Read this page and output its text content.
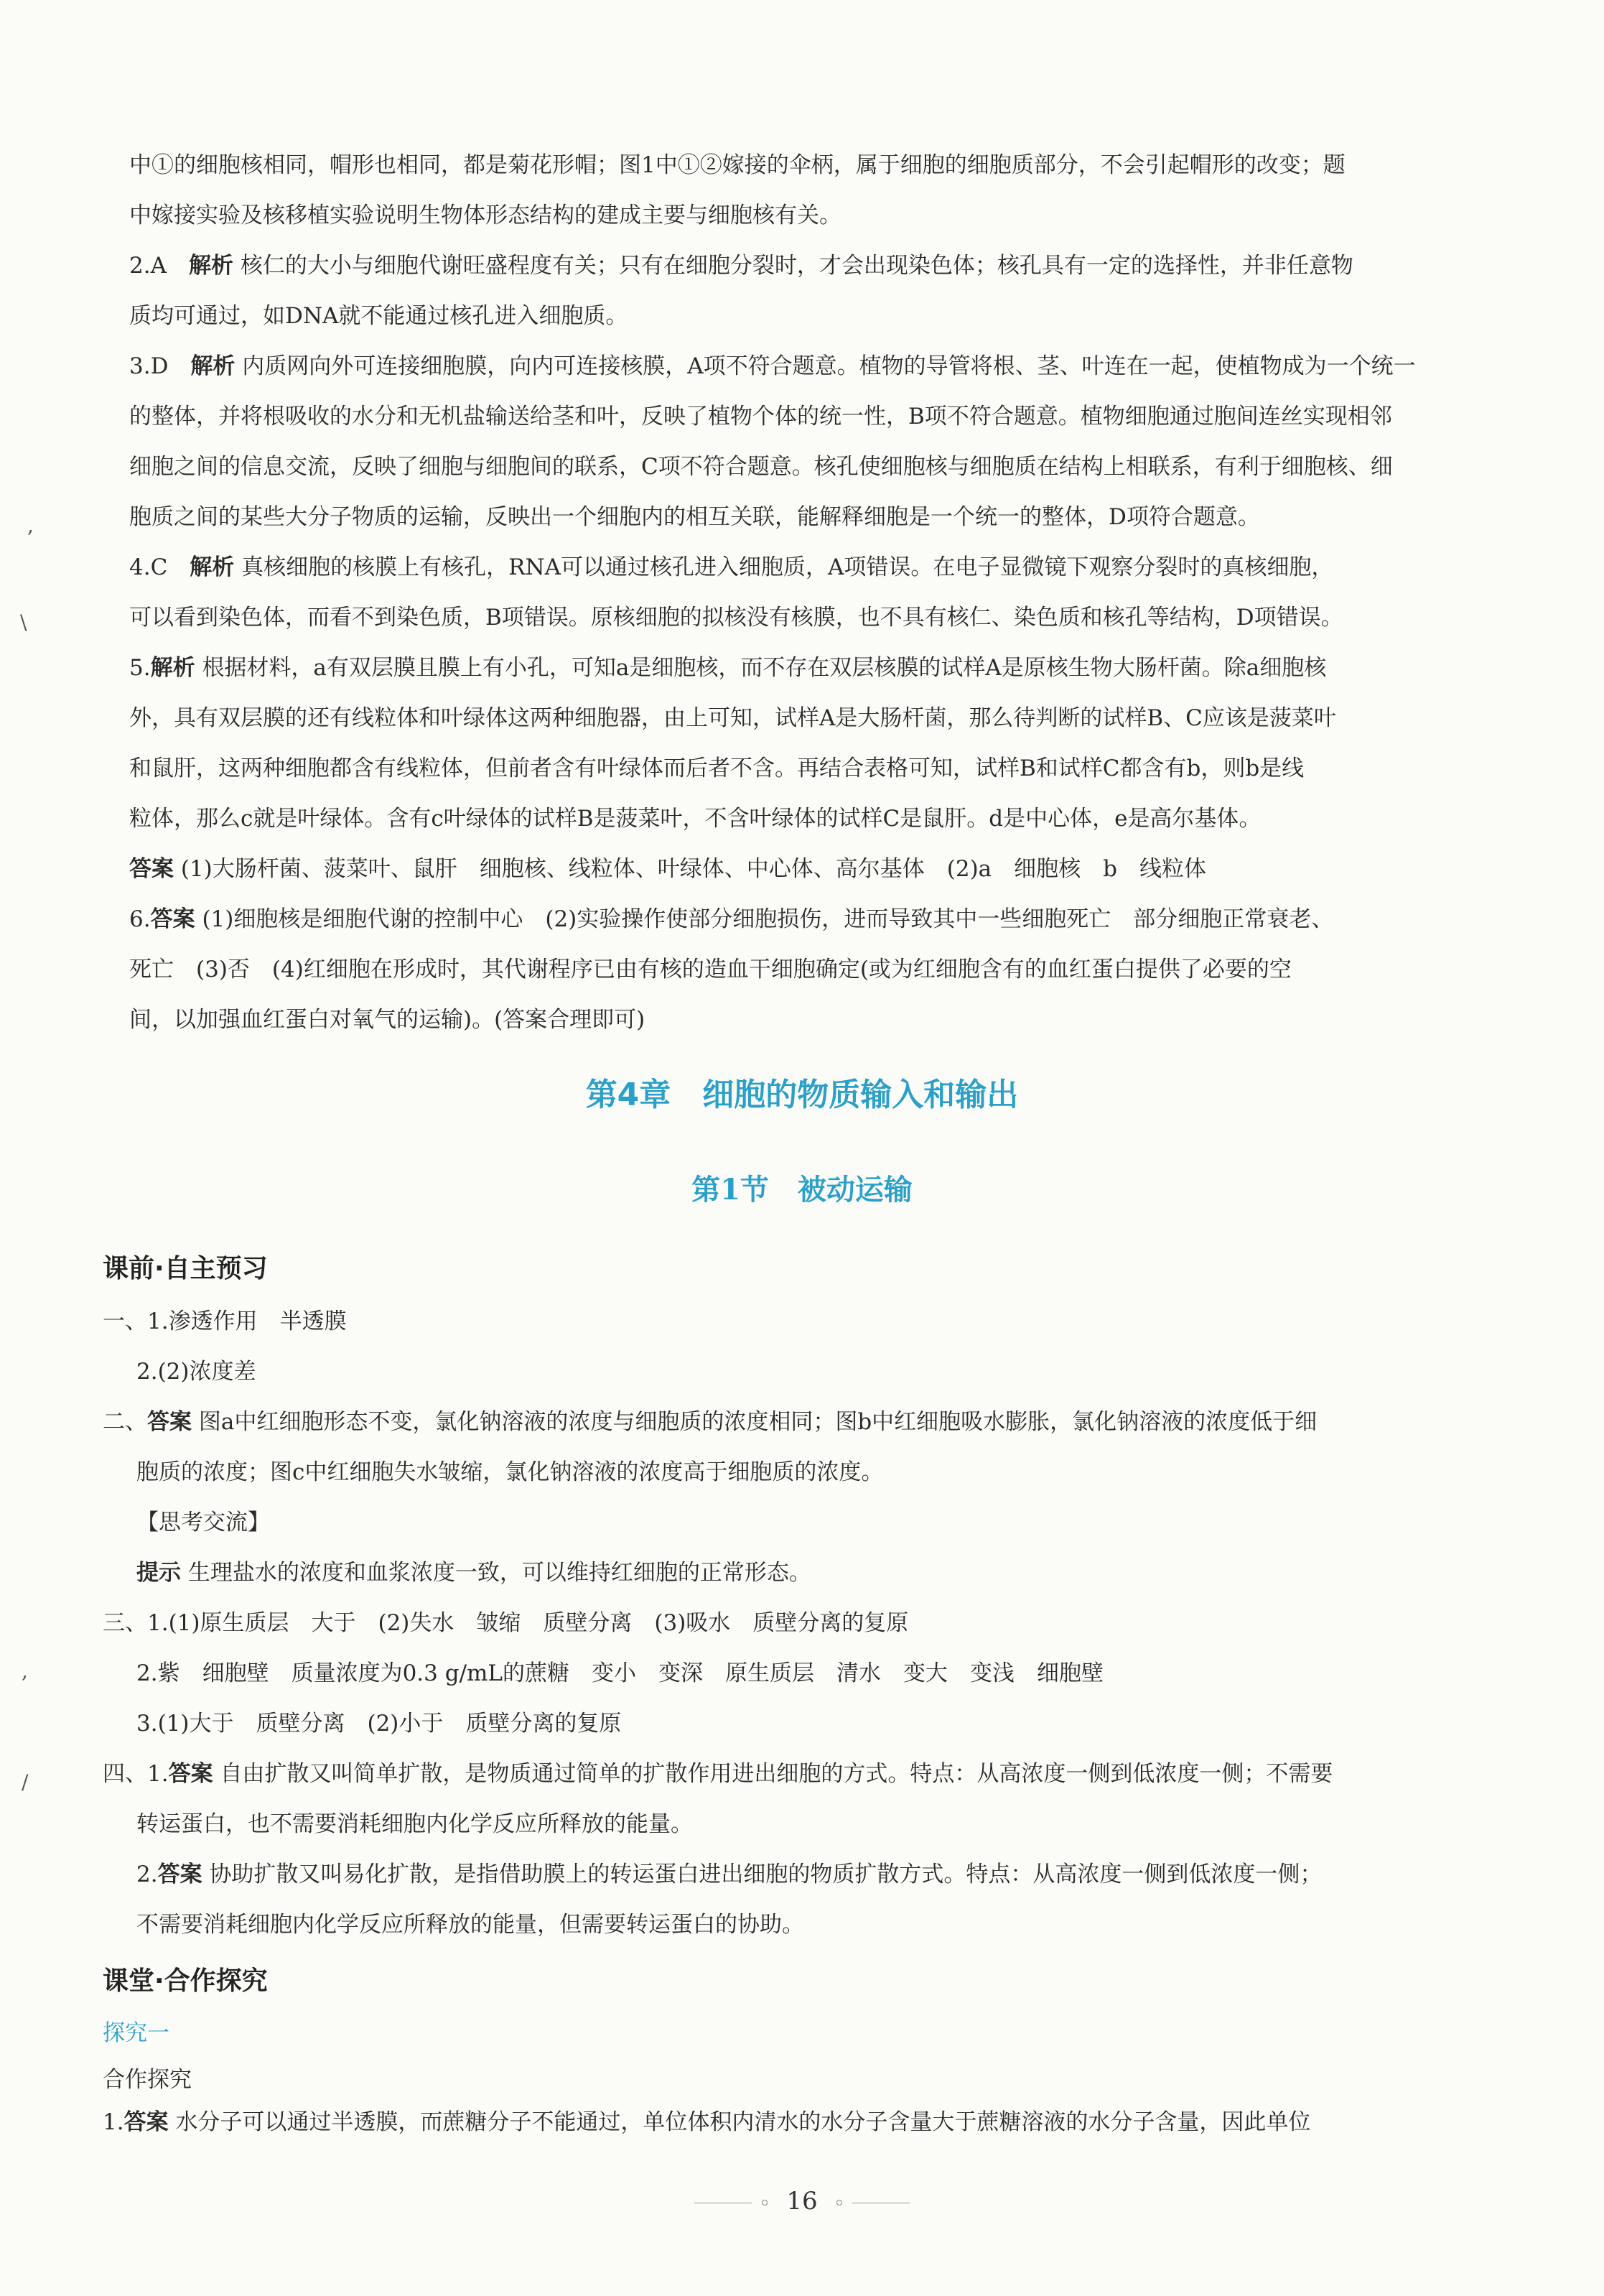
中①的细胞核相同，帽形也相同，都是菊花形帽；图1中①②嫁接的伞柄，属于细胞的细胞质部分，不会引起帽形的改变；题
中嫁接实验及核移植实验说明生物体形态结构的建成主要与细胞核有关。
2.A　 解析 核仁的大小与细胞代谢旺盛程度有关；只有在细胞分裂时，才会出现染色体；核孔具有一定的选择性，并非任意物
质均可通过，如DNA就不能通过核孔进入细胞质。
3.D　 解析 内质网向外可连接细胞膜，向内可连接核膜，A项不符合题意。植物的导管将根、茎、叶连在一起，使植物成为一个统一
的整体，并将根吸收的水分和无机盐输送给茎和叶，反映了植物个体的统一性，B项不符合题意。植物细胞通过胞间连丝实现相邻
细胞之间的信息交流，反映了细胞与细胞间的联系，C项不符合题意。核孔使细胞核与细胞质在结构上相联系，有利于细胞核、细
胞质之间的某些大分子物质的运输，反映出一个细胞内的相互关联，能解释细胞是一个统一的整体，D项符合题意。
4.C　 解析 真核细胞的核膜上有核孔，RNA可以通过核孔进入细胞质，A项错误。在电子显微镜下观察分裂时的真核细胞，
可以看到染色体，而看不到染色质，B项错误。原核细胞的拟核没有核膜，也不具有核仁、染色质和核孔等结构，D项错误。
5.解析 根据材料，a有双层膜且膜上有小孔，可知a是细胞核，而不存在双层核膜的试样A是原核生物大肠杆菌。除a细胞核
外，具有双层膜的还有线粒体和叶绿体这两种细胞器，由上可知，试样A是大肠杆菌，那么待判断的试样B、C应该是菠菜叶
和鼠肝，这两种细胞都含有线粒体，但前者含有叶绿体而后者不含。再结合表格可知，试样B和试样C都含有b，则b是线
粒体，那么c就是叶绿体。含有c叶绿体的试样B是菠菜叶，不含叶绿体的试样C是鼠肝。d是中心体，e是高尔基体。
答案 (1)大肠杆菌、菠菜叶、鼠肝　细胞核、线粒体、叶绿体、中心体、高尔基体　(2)a　细胞核　b　线粒体
6.答案 (1)细胞核是细胞代谢的控制中心　(2)实验操作使部分细胞损伤，进而导致其中一些细胞死亡　部分细胞正常衰老、
死亡　(3)否　(4)红细胞在形成时，其代谢程序已由有核的造血干细胞确定(或为红细胞含有的血红蛋白提供了必要的空
间，以加强血红蛋白对氧气的运输)。(答案合理即可)
第4章　细胞的物质输入和输出
第1节　被动运输
课前·自主预习
一、1.渗透作用　半透膜
2.(2)浓度差
二、答案 图a中红细胞形态不变，氯化钠溶液的浓度与细胞质的浓度相同；图b中红细胞吸水膨胀，氯化钠溶液的浓度低于细
胞质的浓度；图c中红细胞失水皱缩，氯化钠溶液的浓度高于细胞质的浓度。
【思考交流】
提示 生理盐水的浓度和血浆浓度一致，可以维持红细胞的正常形态。
三、1.(1)原生质层　大于　(2)失水　皱缩　质壁分离　(3)吸水　质壁分离的复原
2.紫　细胞壁　质量浓度为0.3 g/mL的蔗糖　变小　变深　原生质层　清水　变大　变浅　细胞壁
3.(1)大于　质壁分离　(2)小于　质壁分离的复原
四、1.答案 自由扩散又叫简单扩散，是物质通过简单的扩散作用进出细胞的方式。特点：从高浓度一侧到低浓度一侧；不需要
转运蛋白，也不需要消耗细胞内化学反应所释放的能量。
2.答案 协助扩散又叫易化扩散，是指借助膜上的转运蛋白进出细胞的物质扩散方式。特点：从高浓度一侧到低浓度一侧；
不需要消耗细胞内化学反应所释放的能量，但需要转运蛋白的协助。
课堂·合作探究
探究一
合作探究
1.答案 水分子可以通过半透膜，而蔗糖分子不能通过，单位体积内清水的水分子含量大于蔗糖溶液的水分子含量，因此单位
16
,
\
,
/
